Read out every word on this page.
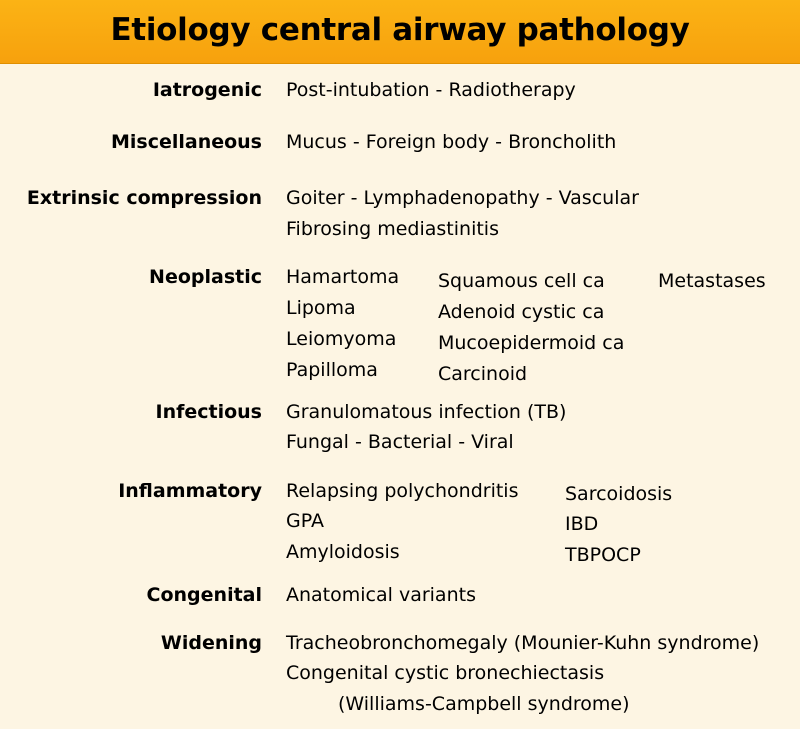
Etiology central airway pathology
Iatrogenic Post-intubation - Radiotherapy
Miscellaneous Mucus - Foreign body - Broncholith
Extrinsic compression Goiter - Lymphadenopathy - Vascular
Fibrosing mediastinitis
Neoplastic Hamartoma
Lipoma
Leiomyoma
Papilloma
Squamous cell ca
Adenoid cystic ca
Mucoepidermoid ca
Carcinoid
Metastases
Infectious Granulomatous infection (TB)
Fungal - Bacterial - Viral
Inflammatory Relapsing polychondritis
GPA
Amyloidosis
Sarcoidosis
IBD
TBPOCP
Congenital Anatomical variants
Widening Tracheobronchomegaly (Mounier-Kuhn syndrome)
Congenital cystic bronechiectasis
(Williams-Campbell syndrome)
